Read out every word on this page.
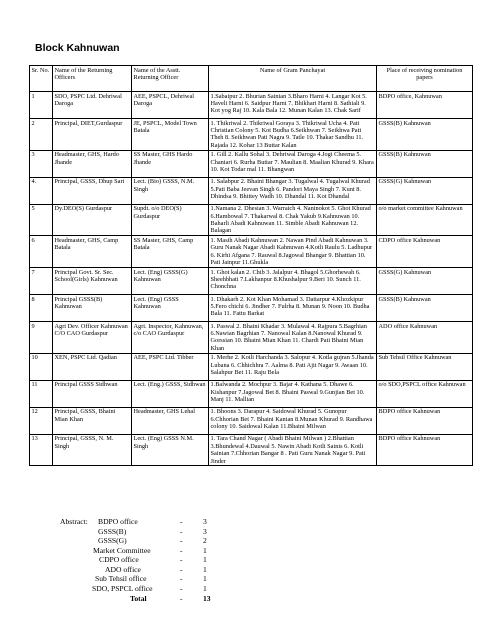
Block Kahnuwan
Sr. No.	Name of the Returning Officers	Name of the Asstt. Returning Officer	Name of Gram Panchayat	Place of receiving nomination papers
1	SDO, PSPC Ltd. Dehriwal Daroga	AEE, PSPCL, Dehriwal Daroga	1.Sabaipur 2. Bhurian Sainian 3.Bharo Harni 4. Langar Kot 5. Haveli Harni 6. Saidpur Harni 7. Bhikhari Harni 8. Sathiali 9. Kot yog Raj 10. Kala Bala 12. Munan Kalan 13. Chak Sarif	BDPO office, Kahnuwan
2	Principal, DIET,Gurdaspur	JE, PSPCL, Model Town Batala	1. Thikriwal 2. Thikriwal Goraya 3. Thikriwal Ucha 4. Pati Christian Colony 5. Kot Budha 6.Seikhwan 7. Seikhwa Pati Theh 8. Seikhwan Pati Nagra 9. Tatle 10. Thakar Sandhu 11. Rajada 12. Kohar 13 Buttar Kalan	GSSS(B) Kahnuwan
3	Headmaster, GHS, Hardo Jhande	SS Master, GHS Hardo Jhande	1. Gill 2. Kallu Sohal 3. Dehriwal Daroga 4.Jogi Cheema 5. Chaniari 6. Rurha Buttar 7. Maulian 8. Maalian Khurad 9. Khara 10. Kot Todar mal 11. Bhangwan	GSSS(B) Kahnuwan
4.	Principal, GSSS, Dhup Sari	Lect. (Bio) GSSS, N.M. Singh	1. Salabpur 2. Bhaini Bhangar 3. Tugalwal 4. Tugalwal Khurad 5.Pati Baba Jeevan Singh 6. Pandori Maya Singh 7. Kunt 8. Dhindsa 9. Bhittey Wadh 10. Dhandal 11. Kot Dhandal	GSSS(G) Kahnuwan
5	Dy.DEO(S) Gurdaspur	Supdt. o/o DEO(S) Gurdaspur	1.Namana 2. Dhesian 3. Warraich 4. Naninokot 5. Ghot Khurad 6.Hambowal 7. Thakarwal 8. Chak Yakub 9.Kahnuwan 10. Baharli Abadi Kahnuwan 11. Simble Abadi Kahnuwan 12. Balagan	o/o market committee Kahnuwan
6	Headmaster, GHS, Camp Batala	SS Master, GHS, Camp Batala	1. Masih Abadi Kahnuwan 2. Nawan Pind Abadi Kahnuwan 3. Guru Nanak Nagar Abadi Kahnuwan 4.Kotli Raulu 5. Ladhupur 6. Kirhi Afgana 7. Rauwal 8.Jagowal Bhangar 9. Bhattian 10. Pati Jainpur 11.Ghukla	CDPO office Kahnuwan
7	Principal Govt. Sr. Sec. School(Girls) Kahnuwan	Lect. (Eng) GSSS(G) Kahnuwan	1. Ghot kalan 2. Chib 3. Jalalpur 4. Bhagol 5.Ghorhewah 6. Sheehbhati 7.Lakhanpur 8.Khushalpur 9.Beri 10. Sunch 11. Chonchna	GSSS(G) Kahnuwan
8	Principal GSSS(B) Kahnuwan	Lect. (Eng) GSSS Kahnuwan	1. Dhakarh 2. Kot Khan Mohamad 3. Dattarpur 4.Khozkipur 5.Fero chichi 6. Jindher 7. Fulrha 8. Munan 9. Noon 10. Budha Bala 11. Fattu Barkat	GSSS(B) Kahnuwan
9	Agri Dev. Officer Kahnuwan C/O CAO Gurdaspur	Agri. Inspector, Kahnuwan, c/o CAO Gurdaspur	1. Paswal 2. Bhaini Khadar 3. Mulawal 4. Rajpura 5.Bagrhian 6.Nawian Bagrhian 7. Nanowal Kalan 8.Nanowal Khurad 9. Gorssian 10. Bhaini Mian Khan 11. Chardi Pati Bhaini Mian Khan	ADO office Kahnuwan
10	XEN, PSPC Ltd. Qadian	AEE, PSPC Ltd. Tibber	1. Merhe 2. Kotli Harchanda 3. Salopur 4. Kotla gujran 5.Jhanda Lubana 6. Chhichhra 7. Aalma 8. Pati Ajit Nagar 9. Awaan 10. Salahpur Bet 11. Raju Bela	Sub Tehsil Office Kahnuwan
11	Principal GSSS Sidhwan	Lect. (Eng.) GSSS, Sidhwan	1.Balwanda 2. Mochpur 3. Bajar 4. Kathana 5. Dhawe 6. Kishanpur 7.Jagowal Bet 8. Bhaini Paswal 9.Gunjian Bet 10. Manj 11. Mallian	o/o SDO,PSPCL office Kahnuwan
12	Principal, GSSS, Bhaini Mian Khan	Headmaster, GHS Lehal	1. Bhoons 3. Darapur 4. Saidowal Khurad 5. Gunopur 6.Chhorian Bet 7. Bhaini Kanian 8.Munan Khurad 9. Randhawa colony 10. Saidowal Kalan 11.Bhaini Milwan	BDPO office Kahnuwan
13	Principal, GSSS, N. M. Singh	Lect. (Eng) GSSS N.M. Singh	1. Tara Chand Nagar ( Abadi Bhaini Milwan ) 2.Bhattian 3.Bhundewal 4.Dauwal 5. Nawin Abadi Kotli Sainis 6. Kotli Sainian 7.Chhorian Bangar 8 . Pati Guru Nanak Nagar 9. Pati Jinder	BDPO office Kahnuwan
Abstract: BDPO office	-	3
GSSS(B)	-	3
GSSS(G)	-	2
Market Committee	-	1
CDPO office	-	1
ADO office	-	1
Sub Tehsil office	-	1
SDO, PSPCL office	-	1
Total	-	13
